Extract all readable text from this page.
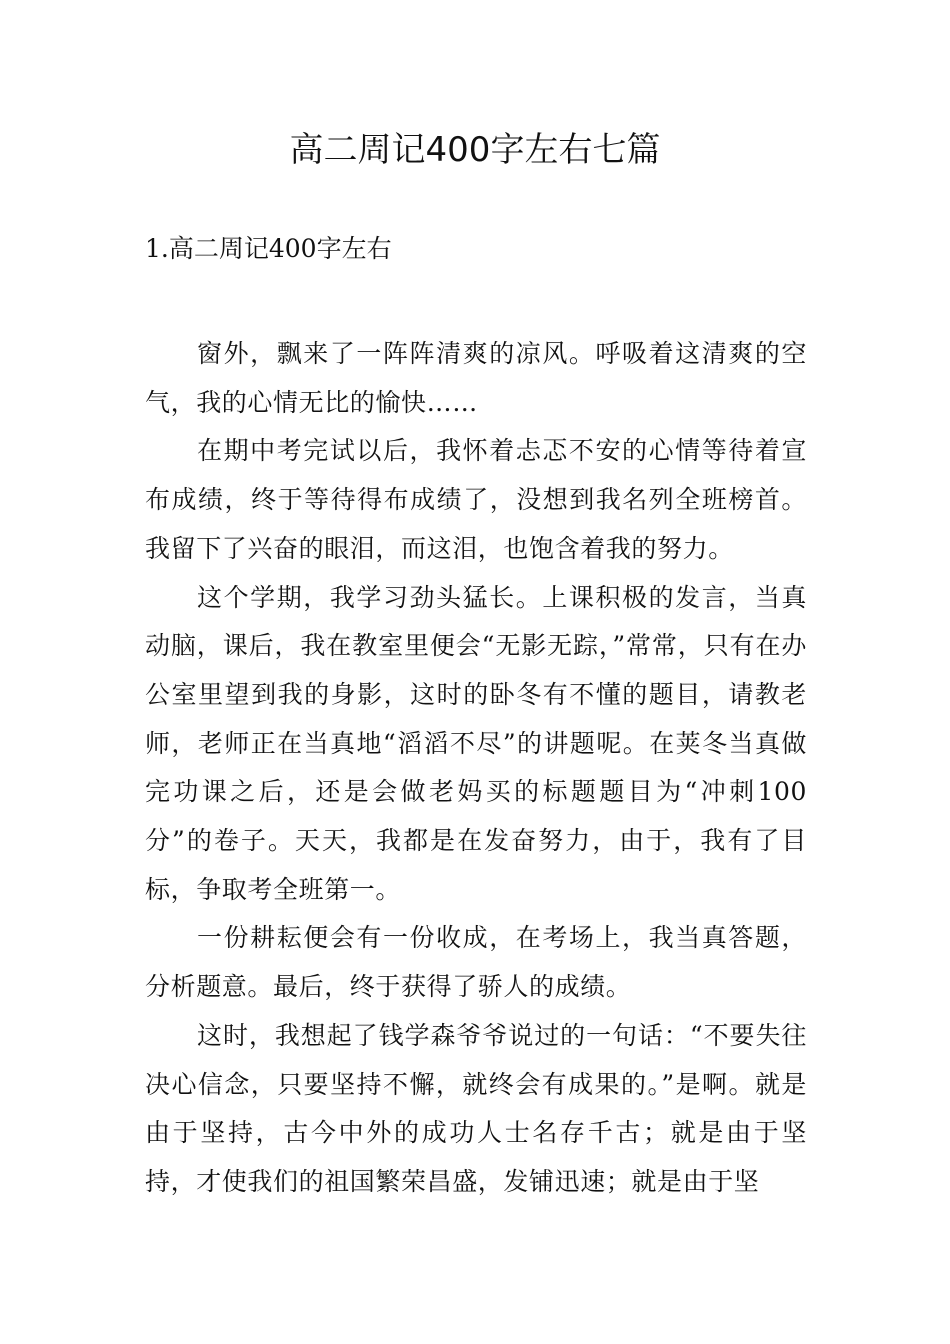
高二周记400字左右七篇
1.高二周记400字左右

窗外，飘来了一阵阵清爽的凉风。呼吸着这清爽的空气，我的心情无比的愉快……

在期中考完试以后，我怀着忐忑不安的心情等待着宣布成绩，终于等待得布成绩了，没想到我名列全班榜首。我留下了兴奋的眼泪，而这泪，也饱含着我的努力。

这个学期，我学习劲头猛长。上课积极的发言，当真动脑，课后，我在教室里便会“无影无踪，”常常，只有在办公室里望到我的身影，这时的卧冬有不懂的题目，请教老师，老师正在当真地“滔滔不尽”的讲题呢。在荚冬当真做完功课之后，还是会做老妈买的标题题目为“冲刺100分”的卷子。天天，我都是在发奋努力，由于，我有了目标，争取考全班第一。

一份耕耘便会有一份收成，在考场上，我当真答题，分析题意。最后，终于获得了骄人的成绩。

这时，我想起了钱学森爷爷说过的一句话：“不要失往决心信念，只要坚持不懈，就终会有成果的。”是啊。就是由于坚持，古今中外的成功人士名存千古；就是由于坚持，才使我们的祖国繁荣昌盛，发铺迅速；就是由于坚
